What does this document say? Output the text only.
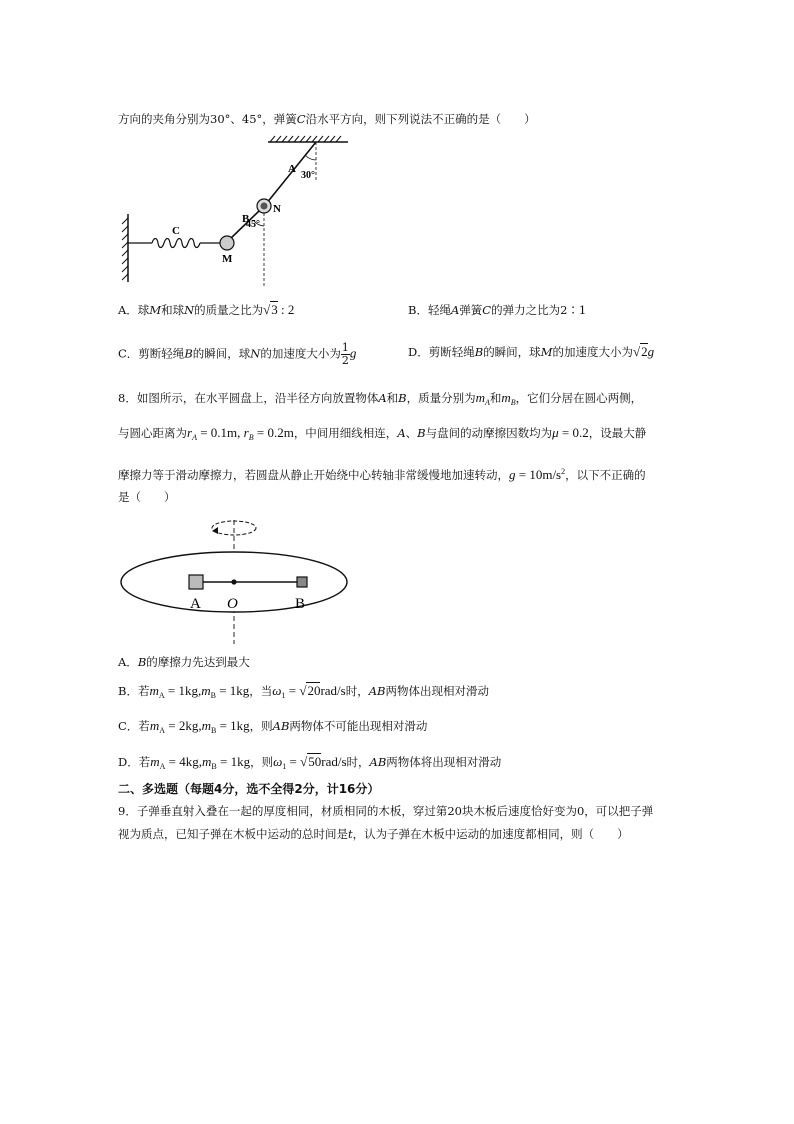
方向的夹角分别为30°、45°，弹簧C沿水平方向，则下列说法不正确的是（　　）
A
30°
N
B
45°
M
C
A．球M和球N的质量之比为√3 : 2	B．轻绳A弹簧C的弹力之比为2∶1
C．剪断轻绳B的瞬间，球N的加速度大小为 $\frac{1}{2}$ g	D．剪断轻绳B的瞬间，球M的加速度大小为√2g
8．如图所示，在水平圆盘上，沿半径方向放置物体A和B，质量分别为$m_A$和$m_B$，它们分居在圆心两侧，
与圆心距离为$r_A = 0.1m$, $r_B = 0.2m$，中间用细线相连，A、B与盘间的动摩擦因数均为μ = 0.2，设最大静
摩擦力等于滑动摩擦力，若圆盘从静止开始绕中心转轴非常缓慢地加速转动，$g = 10m/s^2$，以下不正确的
是（　　）
A O	B
A．B的摩擦力先达到最大
B．若$m_A = 1kg,m_B = 1kg$，当$\omega_1 = √20rad/s$时，AB两物体出现相对滑动
C．若$m_A = 2kg,m_B = 1kg$，则AB两物体不可能出现相对滑动
D．若$m_A = 4kg,m_B = 1kg$，则$\omega_1 = √50rad/s$时，AB两物体将出现相对滑动
二、多选题（每题4分，选不全得2分，计16分）
9．子弹垂直射入叠在一起的厚度相同，材质相同的木板，穿过第20块木板后速度恰好变为0，可以把子弹
视为质点，已知子弹在木板中运动的总时间是t，认为子弹在木板中运动的加速度都相同，则（　　）
